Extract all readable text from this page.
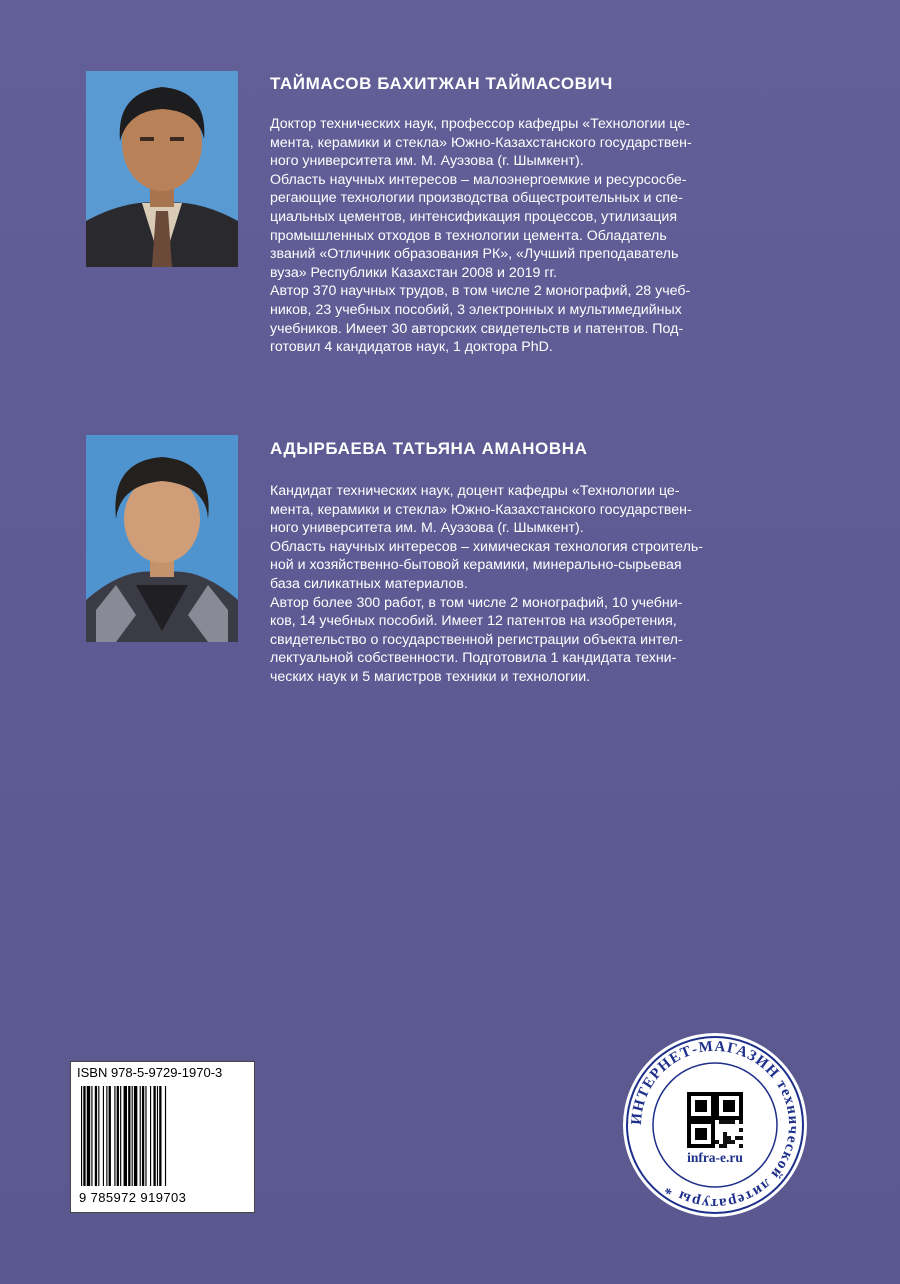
ТАЙМАСОВ БАХИТЖАН ТАЙМАСОВИЧ
Доктор технических наук, профессор кафедры «Технологии це-
мента, керамики и стекла» Южно-Казахстанского государствен-
ного университета им. М. Ауэзова (г. Шымкент).
Область научных интересов – малоэнергоемкие и ресурсосбе-
регающие технологии производства общестроительных и спе-
циальных цементов, интенсификация процессов, утилизация
промышленных отходов в технологии цемента. Обладатель
званий «Отличник образования РК», «Лучший преподаватель
вуза» Республики Казахстан 2008 и 2019 гг.
Автор 370 научных трудов, в том числе 2 монографий, 28 учеб-
ников, 23 учебных пособий, 3 электронных и мультимедийных
учебников. Имеет 30 авторских свидетельств и патентов. Под-
готовил 4 кандидатов наук, 1 доктора PhD.
АДЫРБАЕВА ТАТЬЯНА АМАНОВНА
Кандидат технических наук, доцент кафедры «Технологии це-
мента, керамики и стекла» Южно-Казахстанского государствен-
ного университета им. М. Ауэзова (г. Шымкент).
Область научных интересов – химическая технология строитель-
ной и хозяйственно-бытовой керамики, минерально-сырьевая
база силикатных материалов.
Автор более 300 работ, в том числе 2 монографий, 10 учебни-
ков, 14 учебных пособий. Имеет 12 патентов на изобретения,
свидетельство о государственной регистрации объекта интел-
лектуальной собственности. Подготовила 1 кандидата техни-
ческих наук и 5 магистров техники и технологии.
ISBN 978-5-9729-1970-3
9 785972 919703
ИНТЕРНЕТ-МАГАЗИН технической литературы *
infra-e.ru
